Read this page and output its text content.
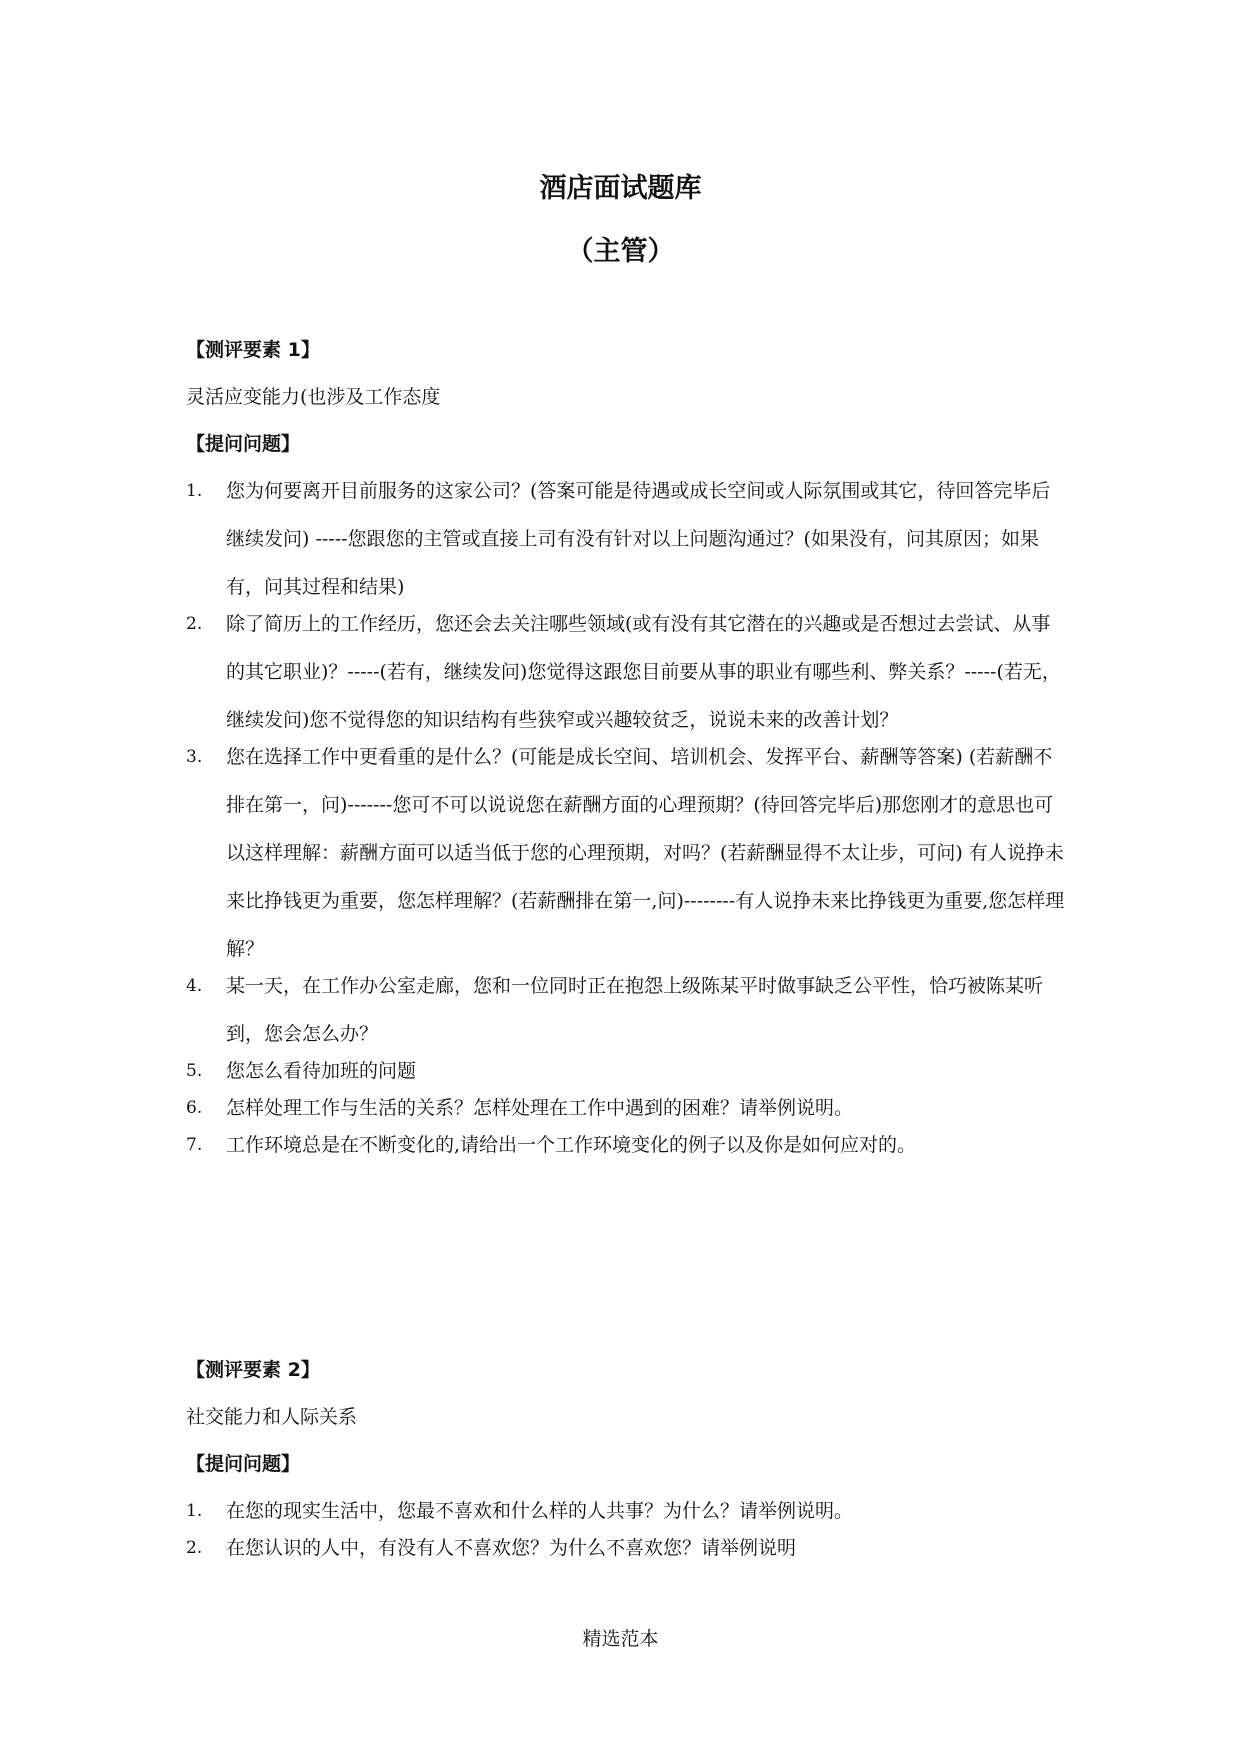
酒店面试题库
（主管）
【测评要素 1】
灵活应变能力(也涉及工作态度
【提问问题】
1.	您为何要离开目前服务的这家公司？(答案可能是待遇或成长空间或人际氛围或其它，待回答完毕后继续发问) -----您跟您的主管或直接上司有没有针对以上问题沟通过？(如果没有，问其原因；如果有，问其过程和结果)
2.	除了简历上的工作经历，您还会去关注哪些领域(或有没有其它潜在的兴趣或是否想过去尝试、从事的其它职业)？-----(若有，继续发问)您觉得这跟您目前要从事的职业有哪些利、弊关系？-----(若无，继续发问)您不觉得您的知识结构有些狭窄或兴趣较贫乏，说说未来的改善计划？
3.	您在选择工作中更看重的是什么？(可能是成长空间、培训机会、发挥平台、薪酬等答案) (若薪酬不排在第一，问)-------您可不可以说说您在薪酬方面的心理预期？(待回答完毕后)那您刚才的意思也可以这样理解：薪酬方面可以适当低于您的心理预期，对吗？(若薪酬显得不太让步，可问) 有人说挣未来比挣钱更为重要，您怎样理解？(若薪酬排在第一,问)--------有人说挣未来比挣钱更为重要,您怎样理解？
4.	某一天，在工作办公室走廊，您和一位同时正在抱怨上级陈某平时做事缺乏公平性，恰巧被陈某听到，您会怎么办？
5.	您怎么看待加班的问题
6.	怎样处理工作与生活的关系？怎样处理在工作中遇到的困难？请举例说明。
7.	工作环境总是在不断变化的,请给出一个工作环境变化的例子以及你是如何应对的。
【测评要素 2】
社交能力和人际关系
【提问问题】
1.	在您的现实生活中，您最不喜欢和什么样的人共事？为什么？请举例说明。
2.	在您认识的人中，有没有人不喜欢您？为什么不喜欢您？请举例说明
精选范本
